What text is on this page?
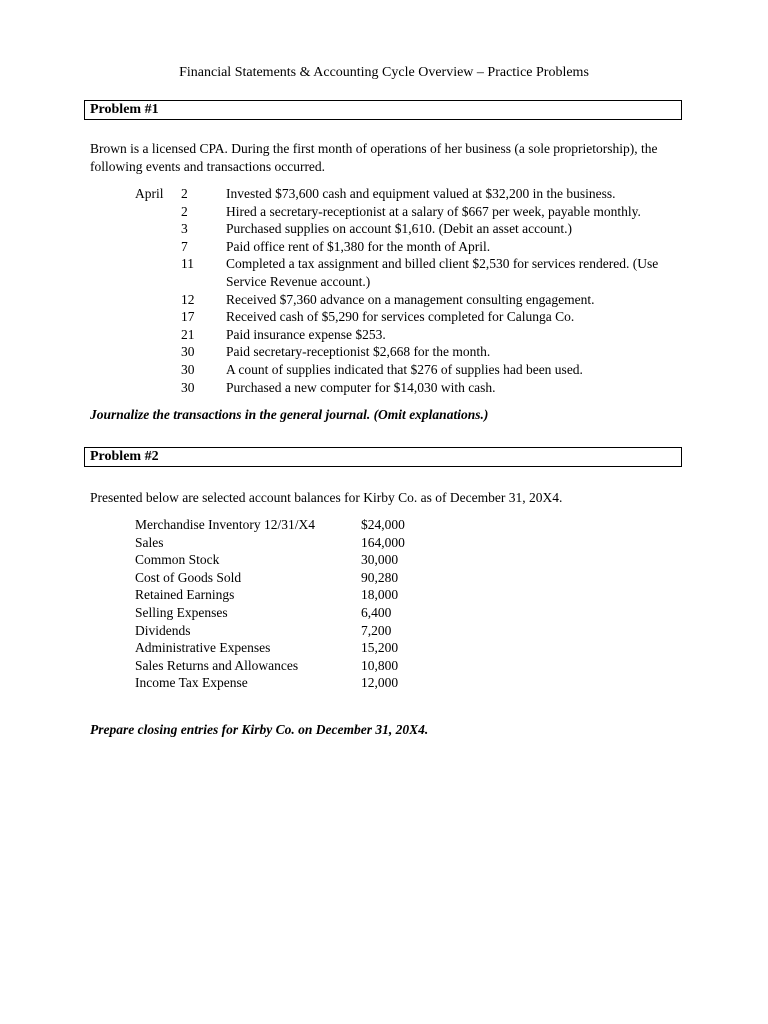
Financial Statements & Accounting Cycle Overview – Practice Problems
Problem #1
Brown is a licensed CPA. During the first month of operations of her business (a sole proprietorship), the following events and transactions occurred.
April	2	Invested $73,600 cash and equipment valued at $32,200 in the business.
	2	Hired a secretary-receptionist at a salary of $667 per week, payable monthly.
	3	Purchased supplies on account $1,610. (Debit an asset account.)
	7	Paid office rent of $1,380 for the month of April.
	11	Completed a tax assignment and billed client $2,530 for services rendered. (Use Service Revenue account.)
	12	Received $7,360 advance on a management consulting engagement.
	17	Received cash of $5,290 for services completed for Calunga Co.
	21	Paid insurance expense $253.
	30	Paid secretary-receptionist $2,668 for the month.
	30	A count of supplies indicated that $276 of supplies had been used.
	30	Purchased a new computer for $14,030 with cash.
Journalize the transactions in the general journal. (Omit explanations.)
Problem #2
Presented below are selected account balances for Kirby Co. as of December 31, 20X4.
Merchandise Inventory 12/31/X4	$24,000
Sales	164,000
Common Stock	30,000
Cost of Goods Sold	90,280
Retained Earnings	18,000
Selling Expenses	6,400
Dividends	7,200
Administrative Expenses	15,200
Sales Returns and Allowances	10,800
Income Tax Expense	12,000
Prepare closing entries for Kirby Co. on December 31, 20X4.
